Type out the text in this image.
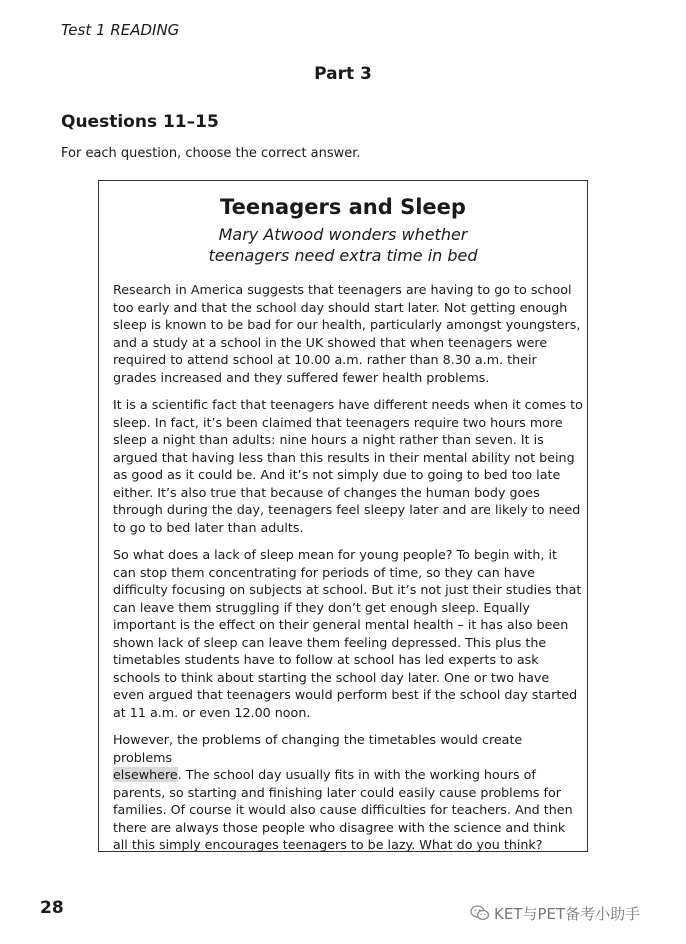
Test 1 READING
Part 3
Questions 11–15
For each question, choose the correct answer.
Teenagers and Sleep
Mary Atwood wonders whether
teenagers need extra time in bed

Research in America suggests that teenagers are having to go to school too early and that the school day should start later. Not getting enough sleep is known to be bad for our health, particularly amongst youngsters, and a study at a school in the UK showed that when teenagers were required to attend school at 10.00 a.m. rather than 8.30 a.m. their grades increased and they suffered fewer health problems.

It is a scientific fact that teenagers have different needs when it comes to sleep. In fact, it’s been claimed that teenagers require two hours more sleep a night than adults: nine hours a night rather than seven. It is argued that having less than this results in their mental ability not being as good as it could be. And it’s not simply due to going to bed too late either. It’s also true that because of changes the human body goes through during the day, teenagers feel sleepy later and are likely to need to go to bed later than adults.

So what does a lack of sleep mean for young people? To begin with, it can stop them concentrating for periods of time, so they can have difficulty focusing on subjects at school. But it’s not just their studies that can leave them struggling if they don’t get enough sleep. Equally important is the effect on their general mental health – it has also been shown lack of sleep can leave them feeling depressed. This plus the timetables students have to follow at school has led experts to ask schools to think about starting the school day later. One or two have even argued that teenagers would perform best if the school day started at 11 a.m. or even 12.00 noon.

However, the problems of changing the timetables would create problems
elsewhere. The school day usually fits in with the working hours of parents, so starting and finishing later could easily cause problems for families. Of course it would also cause difficulties for teachers. And then there are always those people who disagree with the science and think all this simply encourages teenagers to be lazy. What do you think?

28	KET与PET备考小助手
